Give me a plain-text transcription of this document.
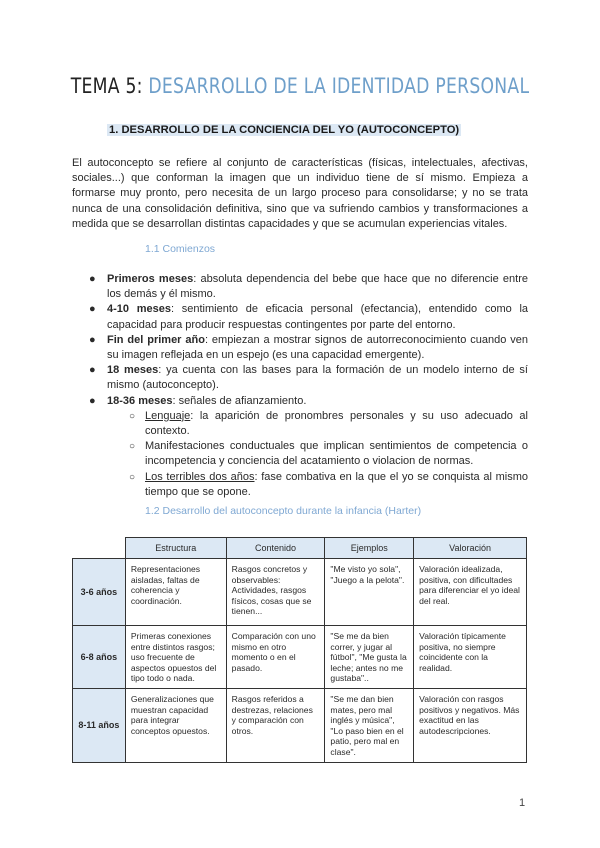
TEMA 5: DESARROLLO DE LA IDENTIDAD PERSONAL
1. DESARROLLO DE LA CONCIENCIA DEL YO (AUTOCONCEPTO)
El autoconcepto se refiere al conjunto de características (físicas, intelectuales, afectivas, sociales...) que conforman la imagen que un individuo tiene de sí mismo. Empieza a formarse muy pronto, pero necesita de un largo proceso para consolidarse; y no se trata nunca de una consolidación definitiva, sino que va sufriendo cambios y transformaciones a medida que se desarrollan distintas capacidades y que se acumulan experiencias vitales.
1.1 Comienzos
● Primeros meses: absoluta dependencia del bebe que hace que no diferencie entre los demás y él mismo.
● 4-10 meses: sentimiento de eficacia personal (efectancia), entendido como la capacidad para producir respuestas contingentes por parte del entorno.
● Fin del primer año: empiezan a mostrar signos de autorreconocimiento cuando ven su imagen reflejada en un espejo (es una capacidad emergente).
● 18 meses: ya cuenta con las bases para la formación de un modelo interno de sí mismo (autoconcepto).
● 18-36 meses: señales de afianzamiento.
○ Lenguaje: la aparición de pronombres personales y su uso adecuado al contexto.
○ Manifestaciones conductuales que implican sentimientos de competencia o incompetencia y conciencia del acatamiento o violacion de normas.
○ Los terribles dos años: fase combativa en la que el yo se conquista al mismo tiempo que se opone.
1.2 Desarrollo del autoconcepto durante la infancia (Harter)
	Estructura	Contenido	Ejemplos	Valoración
3-6 años	Representaciones aisladas, faltas de coherencia y coordinación.	Rasgos concretos y observables: Actividades, rasgos físicos, cosas que se tienen...	"Me visto yo sola", "Juego a la pelota".	Valoración idealizada, positiva, con dificultades para diferenciar el yo ideal del real.
6-8 años	Primeras conexiones entre distintos rasgos; uso frecuente de aspectos opuestos del tipo todo o nada.	Comparación con uno mismo en otro momento o en el pasado.	"Se me da bien correr, y jugar al fútbol", "Me gusta la leche; antes no me gustaba"..	Valoración típicamente positiva, no siempre coincidente con la realidad.
8-11 años	Generalizaciones que muestran capacidad para integrar conceptos opuestos.	Rasgos referidos a destrezas, relaciones y comparación con otros.	"Se me dan bien mates, pero mal inglés y música", "Lo paso bien en el patio, pero mal en clase".	Valoración con rasgos positivos y negativos. Más exactitud en las autodescripciones.
1
